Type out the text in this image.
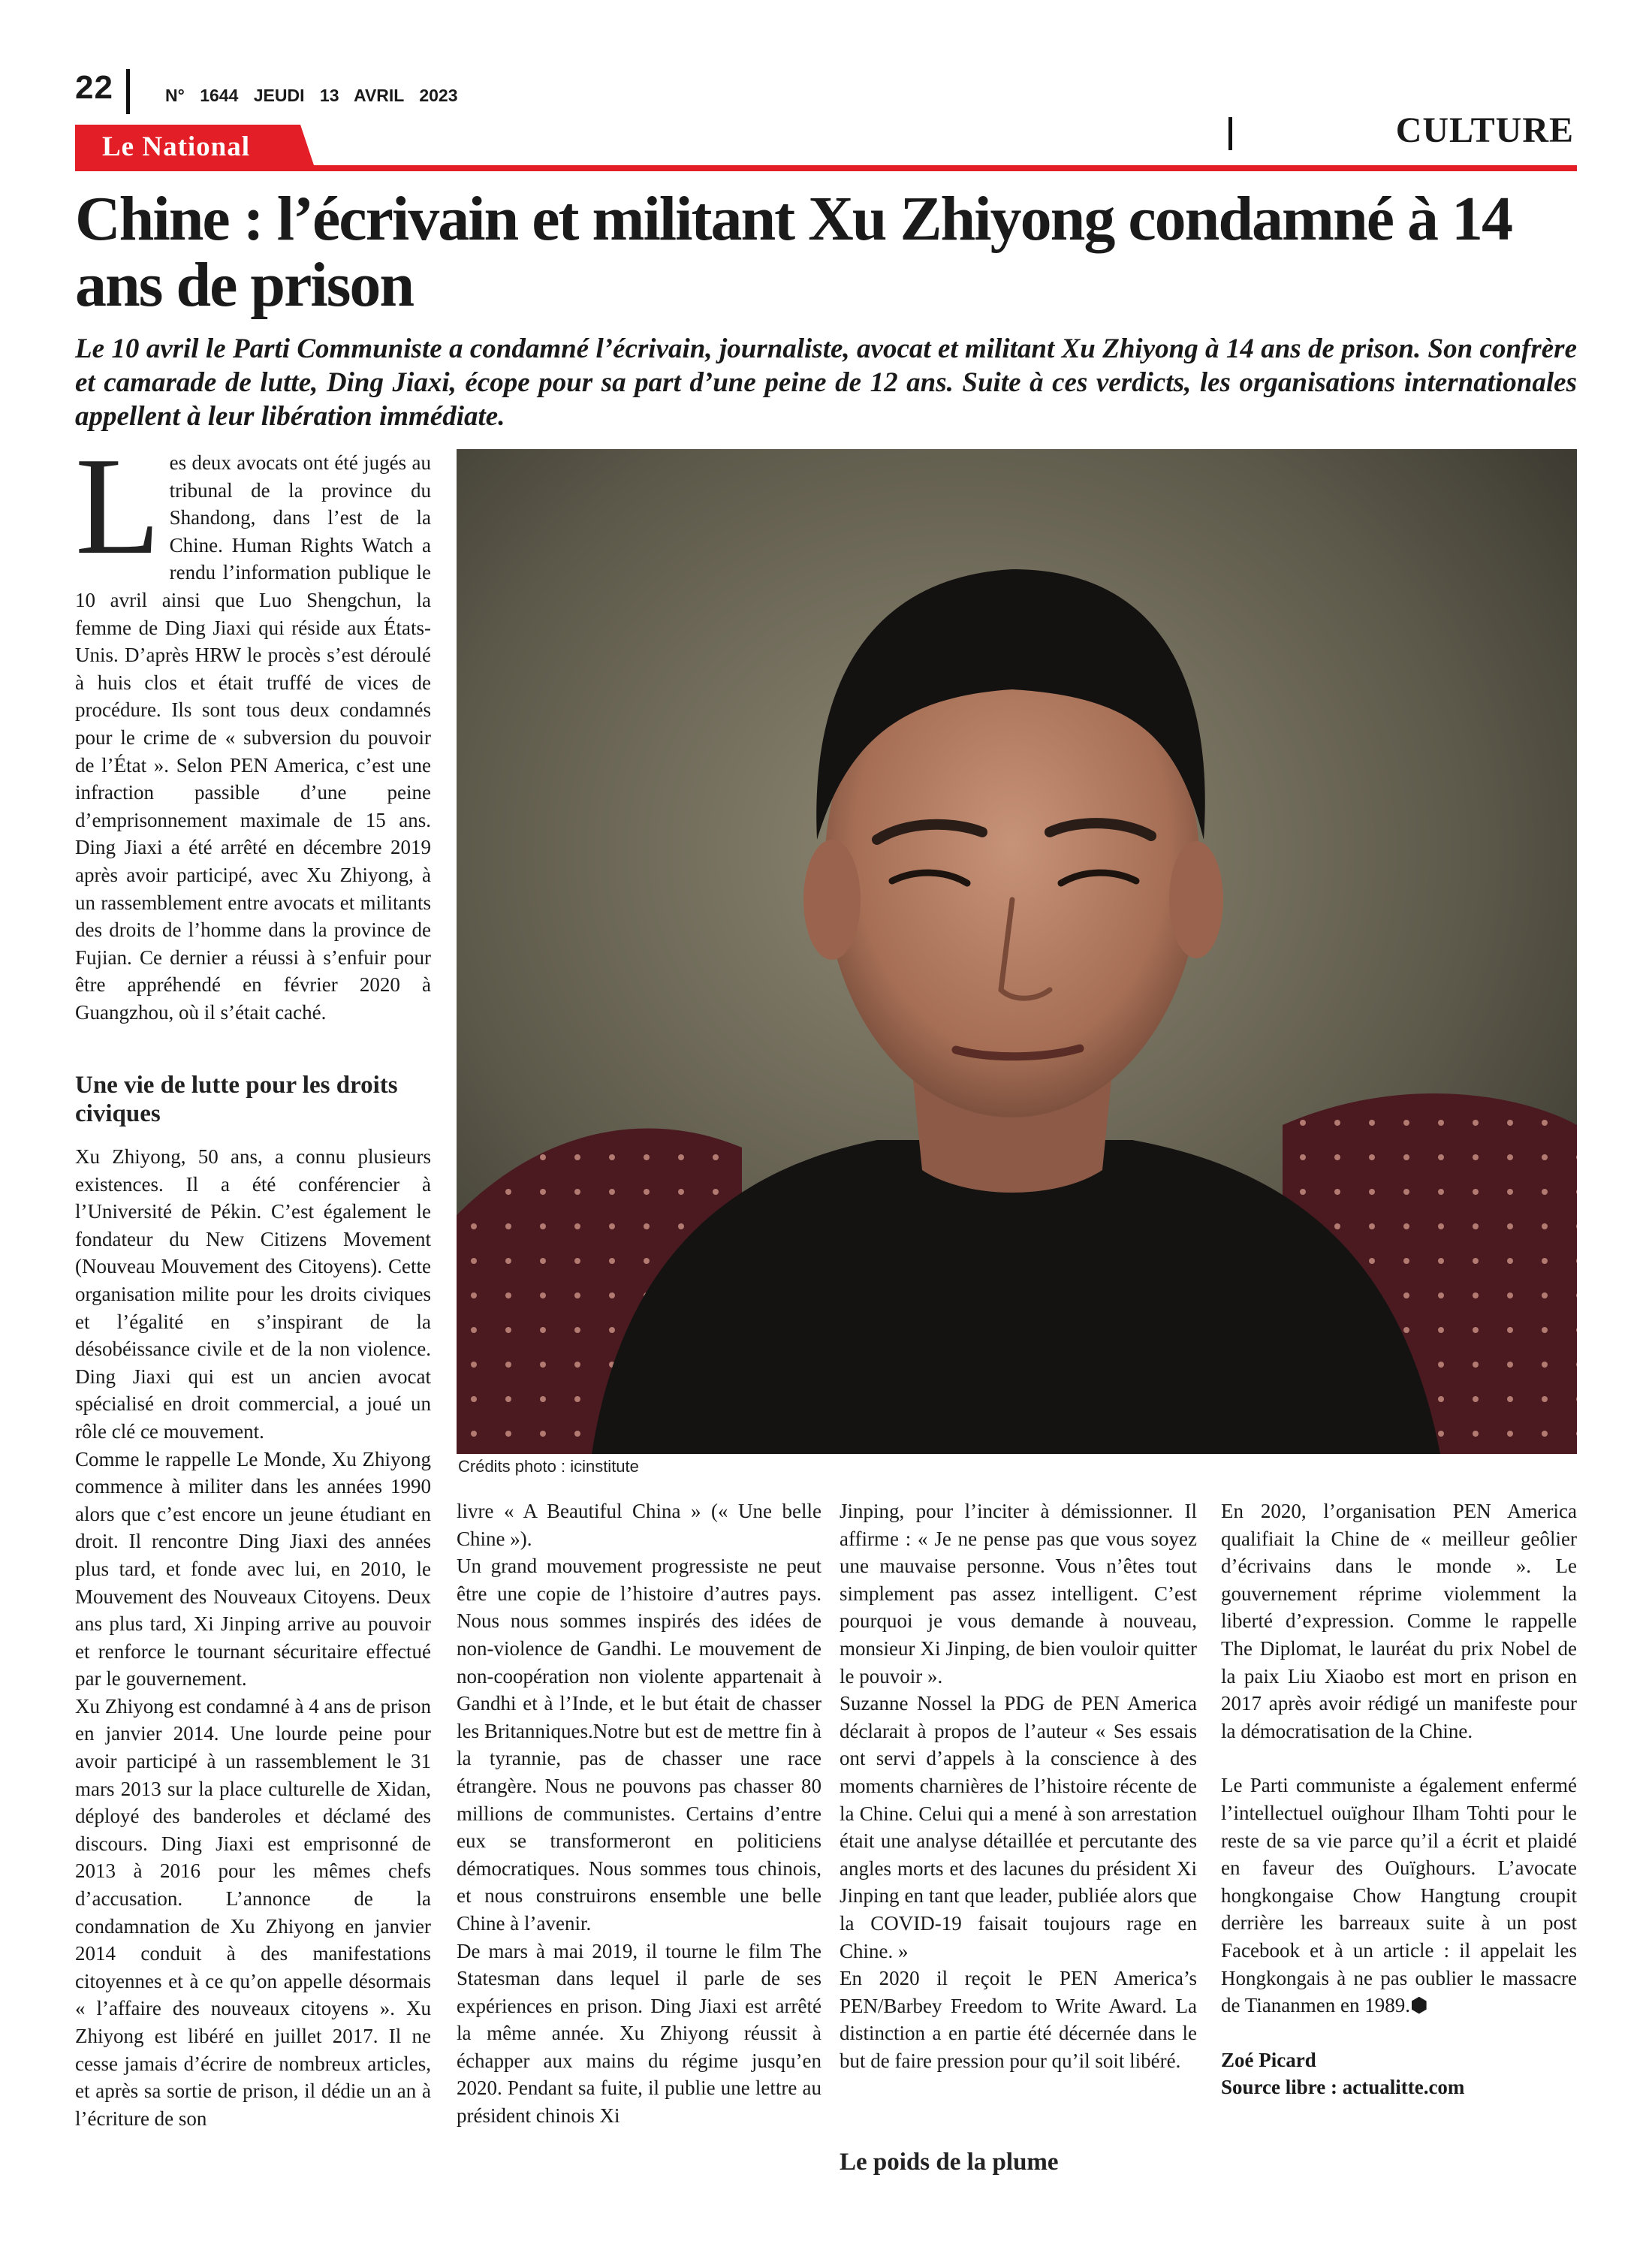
22	N° 1644 JEUDI 13 AVRIL 2023
CULTURE
Le National
Chine : l’écrivain et militant Xu Zhiyong condamné à 14 ans de prison

Le 10 avril le Parti Communiste a condamné l’écrivain, journaliste, avocat et militant Xu Zhiyong à 14 ans de prison. Son confrère et camarade de lutte, Ding Jiaxi, écope pour sa part d’une peine de 12 ans. Suite à ces verdicts, les organisations internationales appellent à leur libération immédiate.

Crédits photo : icinstitute
L es deux avocats ont été jugés au tribunal de la province du Shandong, dans l’est de la Chine. Human Rights Watch a rendu l’information publique le 10 avril ainsi que Luo Shengchun, la femme de Ding Jiaxi qui réside aux États-Unis. D’après HRW le procès s’est déroulé à huis clos et était truffé de vices de procédure. Ils sont tous deux condamnés pour le crime de « subversion du pouvoir de l’État ». Selon PEN America, c’est une infraction passible d’une peine d’emprisonnement maximale de 15 ans. Ding Jiaxi a été arrêté en décembre 2019 après avoir participé, avec Xu Zhiyong, à un rassemblement entre avocats et militants des droits de l’homme dans la province de Fujian. Ce dernier a réussi à s’enfuir pour être appréhendé en février 2020 à Guangzhou, où il s’était caché.
Une vie de lutte pour les droits civiques

Xu Zhiyong, 50 ans, a connu plusieurs existences. Il a été conférencier à l’Université de Pékin. C’est également le fondateur du New Citizens Movement (Nouveau Mouvement des Citoyens). Cette organisation milite pour les droits civiques et l’égalité en s’inspirant de la désobéissance civile et de la non violence. Ding Jiaxi qui est un ancien avocat spécialisé en droit commercial, a joué un rôle clé ce mouvement.

Comme le rappelle Le Monde, Xu Zhiyong commence à militer dans les années 1990 alors que c’est encore un jeune étudiant en droit. Il rencontre Ding Jiaxi des années plus tard, et fonde avec lui, en 2010, le Mouvement des Nouveaux Citoyens. Deux ans plus tard, Xi Jinping arrive au pouvoir et renforce le tournant sécuritaire effectué par le gouvernement.

Xu Zhiyong est condamné à 4 ans de prison en janvier 2014. Une lourde peine pour avoir participé à un rassemblement le 31 mars 2013 sur la place culturelle de Xidan, déployé des banderoles et déclamé des discours. Ding Jiaxi est emprisonné de 2013 à 2016 pour les mêmes chefs d’accusation. L’annonce de la condamnation de Xu Zhiyong en janvier 2014 conduit à des manifestations citoyennes et à ce qu’on appelle désormais « l’affaire des nouveaux citoyens ». Xu Zhiyong est libéré en juillet 2017. Il ne cesse jamais d’écrire de nombreux articles, et après sa sortie de prison, il dédie un an à l’écriture de son

livre « A Beautiful China » (« Une belle Chine »).

Un grand mouvement progressiste ne peut être une copie de l’histoire d’autres pays. Nous nous sommes inspirés des idées de non-violence de Gandhi. Le mouvement de non-coopération non violente appartenait à Gandhi et à l’Inde, et le but était de chasser les Britanniques.Notre but est de mettre fin à la tyrannie, pas de chasser une race étrangère. Nous ne pouvons pas chasser 80 millions de communistes. Certains d’entre eux se transformeront en politiciens démocratiques. Nous sommes tous chinois, et nous construirons ensemble une belle Chine à l’avenir.

De mars à mai 2019, il tourne le film The Statesman dans lequel il parle de ses expériences en prison. Ding Jiaxi est arrêté la même année. Xu Zhiyong réussit à échapper aux mains du régime jusqu’en 2020. Pendant sa fuite, il publie une lettre au président chinois Xi

Jinping, pour l’inciter à démissionner. Il affirme : « Je ne pense pas que vous soyez une mauvaise personne. Vous n’êtes tout simplement pas assez intelligent. C’est pourquoi je vous demande à nouveau, monsieur Xi Jinping, de bien vouloir quitter le pouvoir ».

Suzanne Nossel la PDG de PEN America déclarait à propos de l’auteur « Ses essais ont servi d’appels à la conscience à des moments charnières de l’histoire récente de la Chine. Celui qui a mené à son arrestation était une analyse détaillée et percutante des angles morts et des lacunes du président Xi Jinping en tant que leader, publiée alors que la COVID-19 faisait toujours rage en Chine. »

En 2020 il reçoit le PEN America’s PEN/Barbey Freedom to Write Award. La distinction a en partie été décernée dans le but de faire pression pour qu’il soit libéré.

Le poids de la plume

En 2020, l’organisation PEN America qualifiait la Chine de « meilleur geôlier d’écrivains dans le monde ». Le gouvernement réprime violemment la liberté d’expression. Comme le rappelle The Diplomat, le lauréat du prix Nobel de la paix Liu Xiaobo est mort en prison en 2017 après avoir rédigé un manifeste pour la démocratisation de la Chine.

Le Parti communiste a également enfermé l’intellectuel ouïghour Ilham Tohti pour le reste de sa vie parce qu’il a écrit et plaidé en faveur des Ouïghours. L’avocate hongkongaise Chow Hangtung croupit derrière les barreaux suite à un post Facebook et à un article : il appelait les Hongkongais à ne pas oublier le massacre de Tiananmen en 1989.⬢

Zoé Picard

Source libre : actualitte.com
